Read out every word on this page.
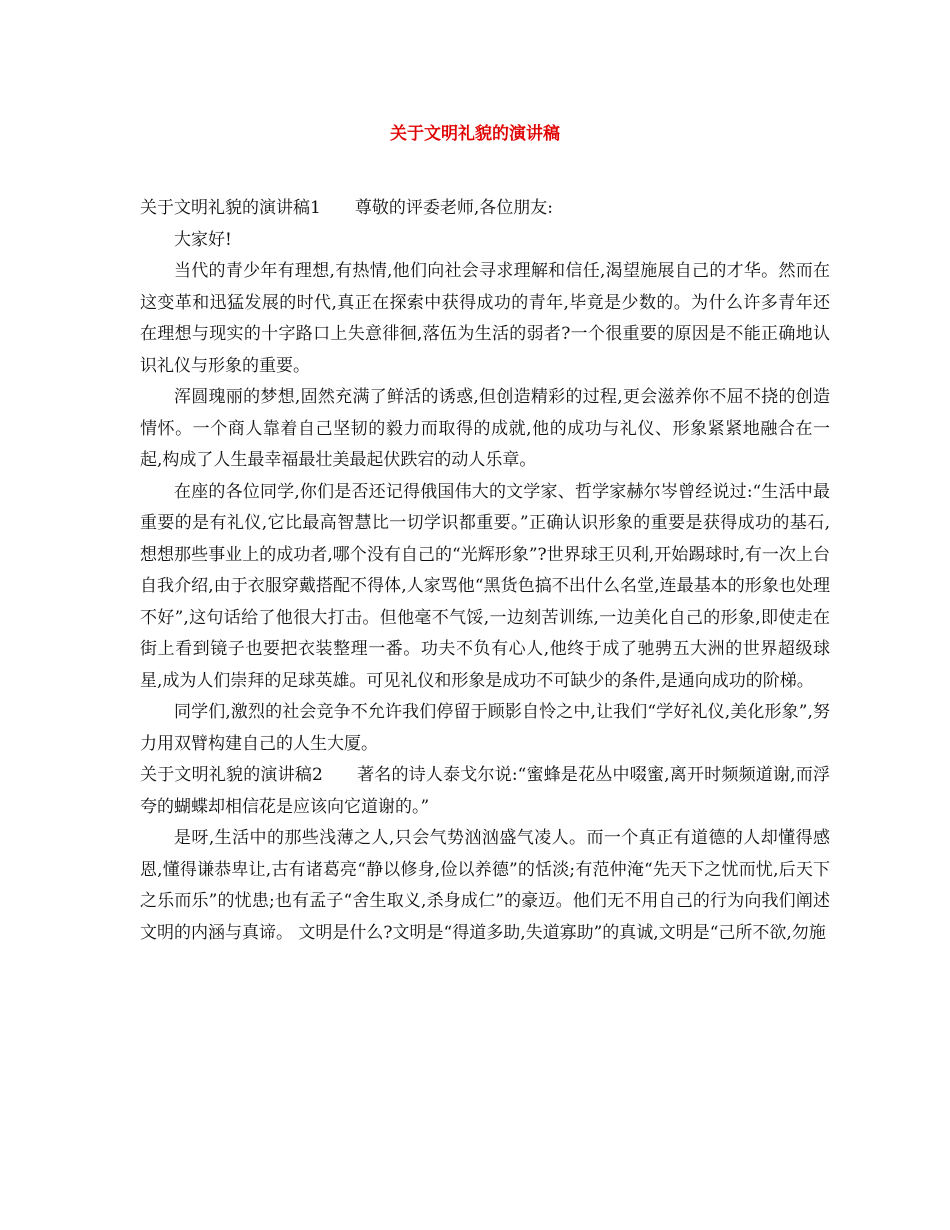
关于文明礼貌的演讲稿

关于文明礼貌的演讲稿1 尊敬的评委老师,各位朋友:

大家好!

当代的青少年有理想,有热情,他们向社会寻求理解和信任,渴望施展自己的才华。然而在这变革和迅猛发展的时代,真正在探索中获得成功的青年,毕竟是少数的。为什么许多青年还在理想与现实的十字路口上失意徘徊,落伍为生活的弱者?一个很重要的原因是不能正确地认识礼仪与形象的重要。

浑圆瑰丽的梦想,固然充满了鲜活的诱惑,但创造精彩的过程,更会滋养你不屈不挠的创造情怀。一个商人靠着自己坚韧的毅力而取得的成就,他的成功与礼仪、形象紧紧地融合在一起,构成了人生最幸福最壮美最起伏跌宕的动人乐章。

在座的各位同学,你们是否还记得俄国伟大的文学家、哲学家赫尔岑曾经说过:“生活中最重要的是有礼仪,它比最高智慧比一切学识都重要。”正确认识形象的重要是获得成功的基石,想想那些事业上的成功者,哪个没有自己的“光辉形象”?世界球王贝利,开始踢球时,有一次上台自我介绍,由于衣服穿戴搭配不得体,人家骂他“黑货色搞不出什么名堂,连最基本的形象也处理不好”,这句话给了他很大打击。但他毫不气馁,一边刻苦训练,一边美化自己的形象,即使走在街上看到镜子也要把衣装整理一番。功夫不负有心人,他终于成了驰骋五大洲的世界超级球星,成为人们崇拜的足球英雄。可见礼仪和形象是成功不可缺少的条件,是通向成功的阶梯。

同学们,激烈的社会竞争不允许我们停留于顾影自怜之中,让我们“学好礼仪,美化形象”,努力用双臂构建自己的人生大厦。

关于文明礼貌的演讲稿2 著名的诗人泰戈尔说:“蜜蜂是花丛中啜蜜,离开时频频道谢,而浮夸的蝴蝶却相信花是应该向它道谢的。”

是呀,生活中的那些浅薄之人,只会气势汹汹盛气凌人。而一个真正有道德的人却懂得感恩,懂得谦恭卑让,古有诸葛亮“静以修身,俭以养德”的恬淡;有范仲淹“先天下之忧而忧,后天下之乐而乐”的忧患;也有孟子“舍生取义,杀身成仁”的豪迈。他们无不用自己的行为向我们阐述文明的内涵与真谛。 文明是什么?文明是“得道多助,失道寡助”的真诚,文明是“己所不欲,勿施
